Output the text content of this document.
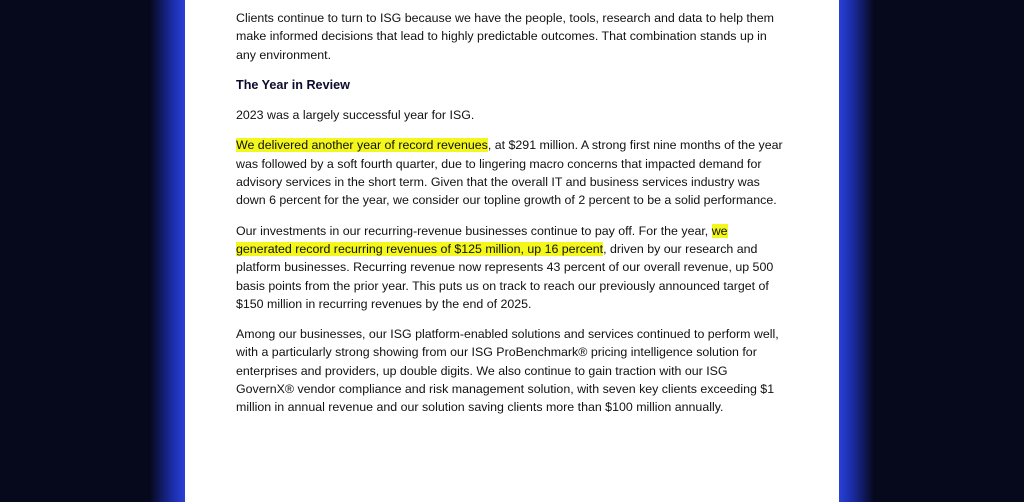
Clients continue to turn to ISG because we have the people, tools, research and data to help them make informed decisions that lead to highly predictable outcomes. That combination stands up in any environment.

The Year in Review

2023 was a largely successful year for ISG.

We delivered another year of record revenues, at $291 million. A strong first nine months of the year was followed by a soft fourth quarter, due to lingering macro concerns that impacted demand for advisory services in the short term. Given that the overall IT and business services industry was down 6 percent for the year, we consider our topline growth of 2 percent to be a solid performance.

Our investments in our recurring-revenue businesses continue to pay off. For the year, we generated record recurring revenues of $125 million, up 16 percent, driven by our research and platform businesses. Recurring revenue now represents 43 percent of our overall revenue, up 500 basis points from the prior year. This puts us on track to reach our previously announced target of $150 million in recurring revenues by the end of 2025.

Among our businesses, our ISG platform-enabled solutions and services continued to perform well, with a particularly strong showing from our ISG ProBenchmark® pricing intelligence solution for enterprises and providers, up double digits. We also continue to gain traction with our ISG GovernX® vendor compliance and risk management solution, with seven key clients exceeding $1 million in annual revenue and our solution saving clients more than $100 million annually.
